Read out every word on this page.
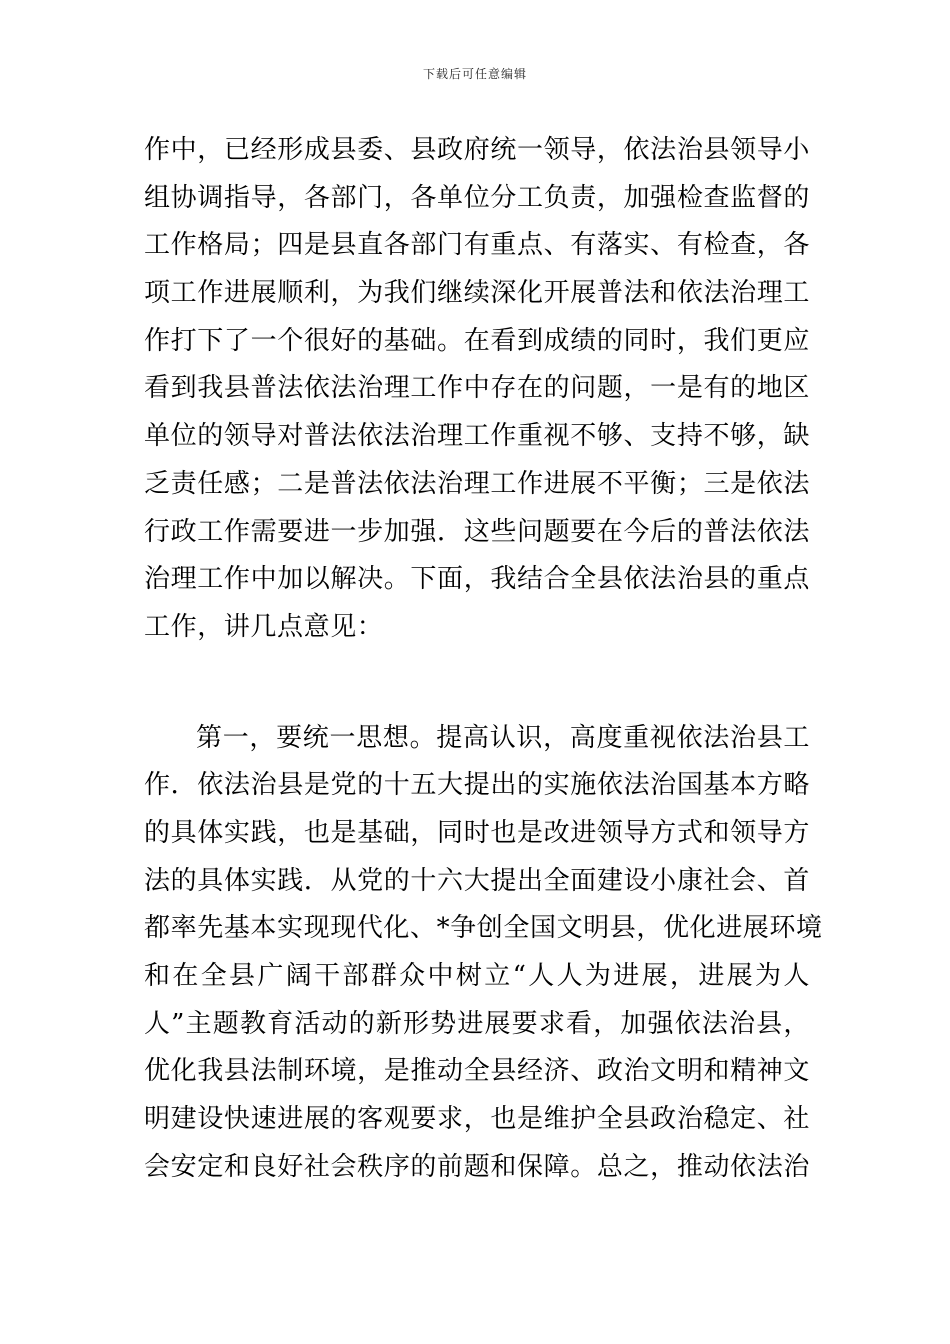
下载后可任意编辑
作中，已经形成县委、县政府统一领导，依法治县领导小
组协调指导，各部门，各单位分工负责，加强检查监督的
工作格局；四是县直各部门有重点、有落实、有检查，各
项工作进展顺利，为我们继续深化开展普法和依法治理工
作打下了一个很好的基础。在看到成绩的同时，我们更应
看到我县普法依法治理工作中存在的问题，一是有的地区
单位的领导对普法依法治理工作重视不够、支持不够，缺
乏责任感；二是普法依法治理工作进展不平衡；三是依法
行政工作需要进一步加强．这些问题要在今后的普法依法
治理工作中加以解决。下面，我结合全县依法治县的重点
工作，讲几点意见：
第一，要统一思想。提高认识，高度重视依法治县工
作．依法治县是党的十五大提出的实施依法治国基本方略
的具体实践，也是基础，同时也是改进领导方式和领导方
法的具体实践．从党的十六大提出全面建设小康社会、首
都率先基本实现现代化、*争创全国文明县，优化进展环境
和在全县广阔干部群众中树立“人人为进展，进展为人
人”主题教育活动的新形势进展要求看，加强依法治县，
优化我县法制环境，是推动全县经济、政治文明和精神文
明建设快速进展的客观要求，也是维护全县政治稳定、社
会安定和良好社会秩序的前题和保障。总之，推动依法治
